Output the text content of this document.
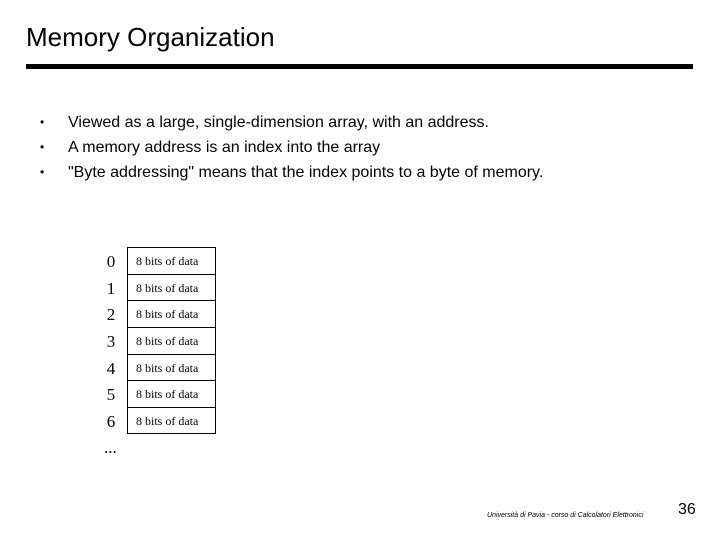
Memory Organization
• Viewed as a large, single-dimension array, with an address.
• A memory address is an index into the array
• "Byte addressing" means that the index points to a byte of memory.
0	8 bits of data
1	8 bits of data
2	8 bits of data
3	8 bits of data
4	8 bits of data
5	8 bits of data
6	8 bits of data
...
Università di Pavia - corso di Calcolatori Elettronici 36
